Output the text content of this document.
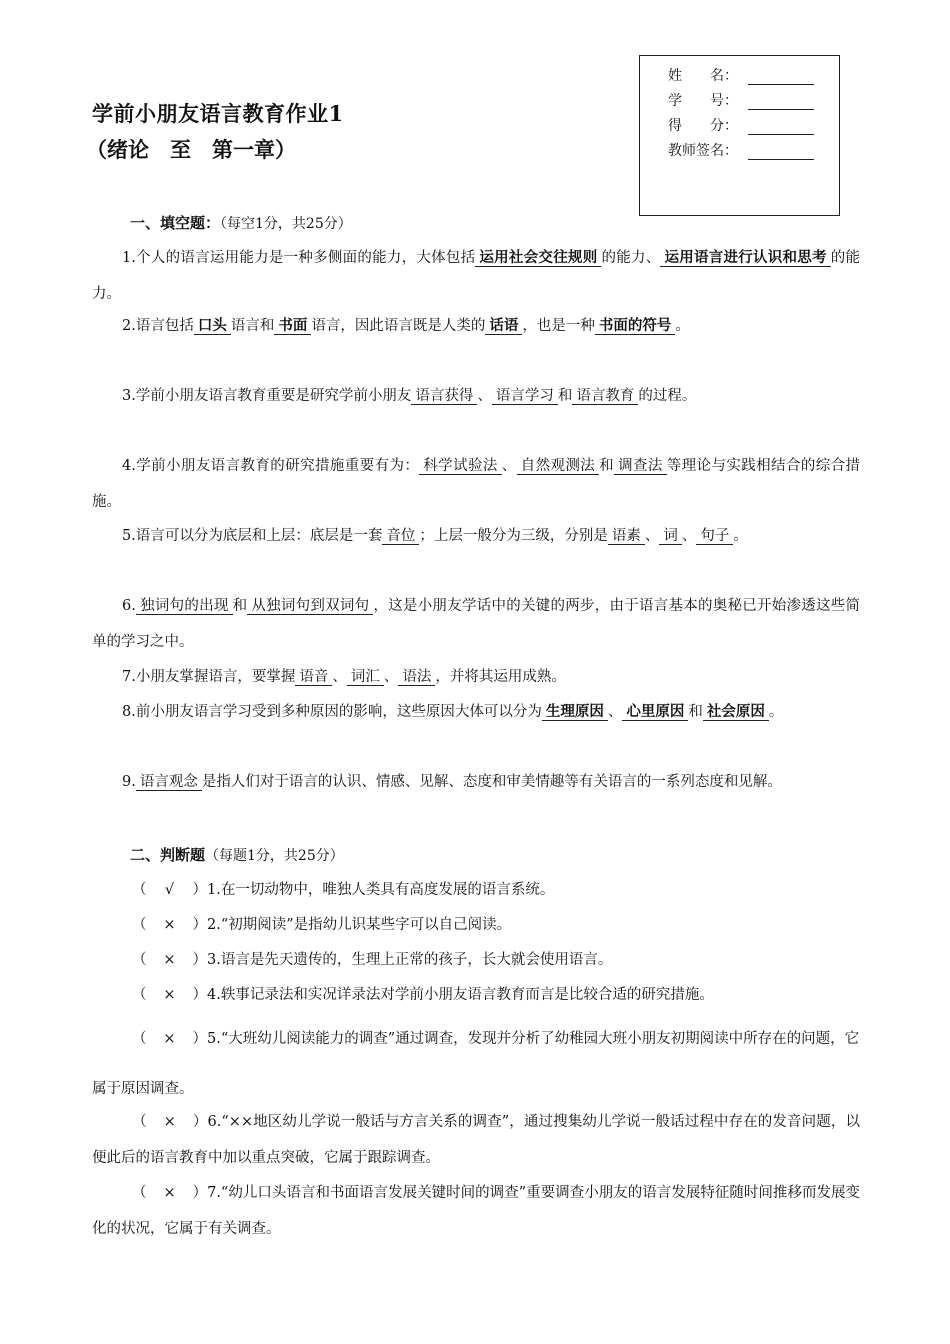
姓　　名：
学　　号：
得　　分：
教师签名：
学前小朋友语言教育作业1
（绪论　至　第一章）
一、填空题：（每空1分，共25分）
1.个人的语言运用能力是一种多侧面的能力，大体包括 运用社会交往规则 的能力、 运用语言进行认识和思考 的能力。
2.语言包括 口头 语言和 书面 语言，因此语言既是人类的 话语 ，也是一种 书面的符号 。
3.学前小朋友语言教育重要是研究学前小朋友 语言获得 、 语言学习 和 语言教育 的过程。
4.学前小朋友语言教育的研究措施重要有为： 科学试验法 、 自然观测法 和 调查法 等理论与实践相结合的综合措施。
5.语言可以分为底层和上层：底层是一套 音位 ；上层一般分为三级，分别是 语素 、 词 、 句子 。
6. 独词句的出现 和 从独词句到双词句 ，这是小朋友学话中的关键的两步，由于语言基本的奥秘已开始渗透这些简单的学习之中。
7.小朋友掌握语言，要掌握 语音 、 词汇 、 语法 ，并将其运用成熟。
8.前小朋友语言学习受到多种原因的影响，这些原因大体可以分为 生理原因 、 心里原因 和 社会原因 。
9. 语言观念 是指人们对于语言的认识、情感、见解、态度和审美情趣等有关语言的一系列态度和见解。
二、判断题（每题1分，共25分）
（ √ ）1.在一切动物中，唯独人类具有高度发展的语言系统。
（ × ）2.“初期阅读”是指幼儿识某些字可以自己阅读。
（ × ）3.语言是先天遗传的，生理上正常的孩子，长大就会使用语言。
（ × ）4.轶事记录法和实况详录法对学前小朋友语言教育而言是比较合适的研究措施。
（ × ）5.“大班幼儿阅读能力的调查”通过调查，发现并分析了幼稚园大班小朋友初期阅读中所存在的问题，它属于原因调查。
（ × ）6.“××地区幼儿学说一般话与方言关系的调查”，通过搜集幼儿学说一般话过程中存在的发音问题，以便此后的语言教育中加以重点突破，它属于跟踪调查。
（ × ）7.“幼儿口头语言和书面语言发展关键时间的调查”重要调查小朋友的语言发展特征随时间推移而发展变化的状况，它属于有关调查。
